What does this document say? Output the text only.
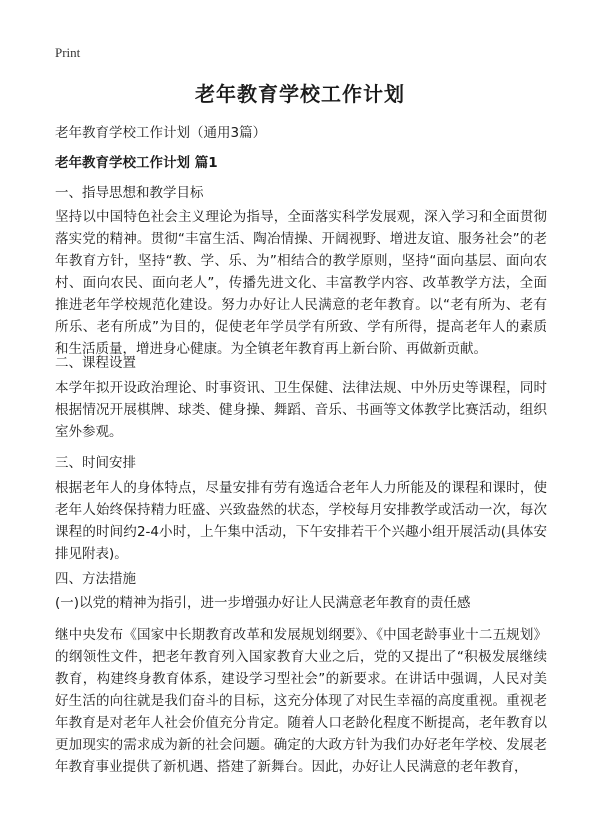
Print
老年教育学校工作计划

老年教育学校工作计划（通用3篇）

老年教育学校工作计划 篇1

一、指导思想和教学目标

坚持以中国特色社会主义理论为指导，全面落实科学发展观，深入学习和全面贯彻落实党的精神。贯彻“丰富生活、陶冶情操、开阔视野、增进友谊、服务社会”的老年教育方针，坚持“教、学、乐、为”相结合的教学原则，坚持“面向基层、面向农村、面向农民、面向老人”，传播先进文化、丰富教学内容、改革教学方法，全面推进老年学校规范化建设。努力办好让人民满意的老年教育。以“老有所为、老有所乐、老有所成”为目的，促使老年学员学有所致、学有所得，提高老年人的素质和生活质量，增进身心健康。为全镇老年教育再上新台阶、再做新贡献。

二、课程设置

本学年拟开设政治理论、时事资讯、卫生保健、法律法规、中外历史等课程，同时根据情况开展棋牌、球类、健身操、舞蹈、音乐、书画等文体教学比赛活动，组织室外参观。

三、时间安排

根据老年人的身体特点，尽量安排有劳有逸适合老年人力所能及的课程和课时，使老年人始终保持精力旺盛、兴致盎然的状态，学校每月安排教学或活动一次，每次课程的时间约2-4小时，上午集中活动，下午安排若干个兴趣小组开展活动(具体安排见附表)。

四、方法措施

(一)以党的精神为指引，进一步增强办好让人民满意老年教育的责任感

继中央发布《国家中长期教育改革和发展规划纲要》、《中国老龄事业十二五规划》的纲领性文件，把老年教育列入国家教育大业之后，党的又提出了“积极发展继续教育，构建终身教育体系，建设学习型社会”的新要求。在讲话中强调，人民对美好生活的向往就是我们奋斗的目标，这充分体现了对民生幸福的高度重视。重视老年教育是对老年人社会价值充分肯定。随着人口老龄化程度不断提高，老年教育以更加现实的需求成为新的社会问题。确定的大政方针为我们办好老年学校、发展老年教育事业提供了新机遇、搭建了新舞台。因此，办好让人民满意的老年教育，
